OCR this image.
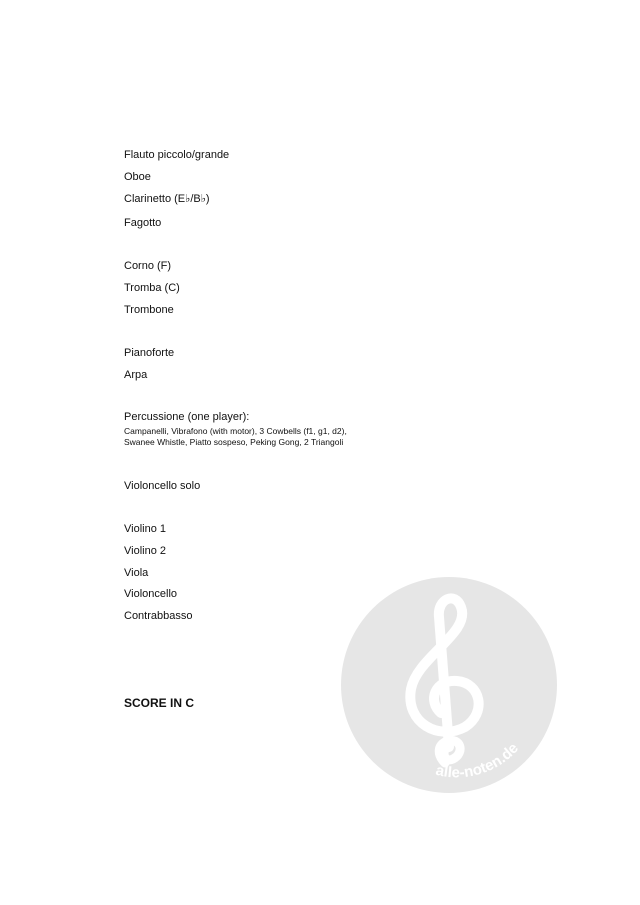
Flauto piccolo/grande
Oboe
Clarinetto (E♭/B♭)
Fagotto
Corno (F)
Tromba (C)
Trombone
Pianoforte
Arpa
Percussione (one player):
Campanelli, Vibrafono (with motor), 3 Cowbells (f1, g1, d2),
Swanee Whistle, Piatto sospeso, Peking Gong, 2 Triangoli
Violoncello solo
Violino 1
Violino 2
Viola
Violoncello
Contrabbasso
SCORE IN C
alle-noten.de
